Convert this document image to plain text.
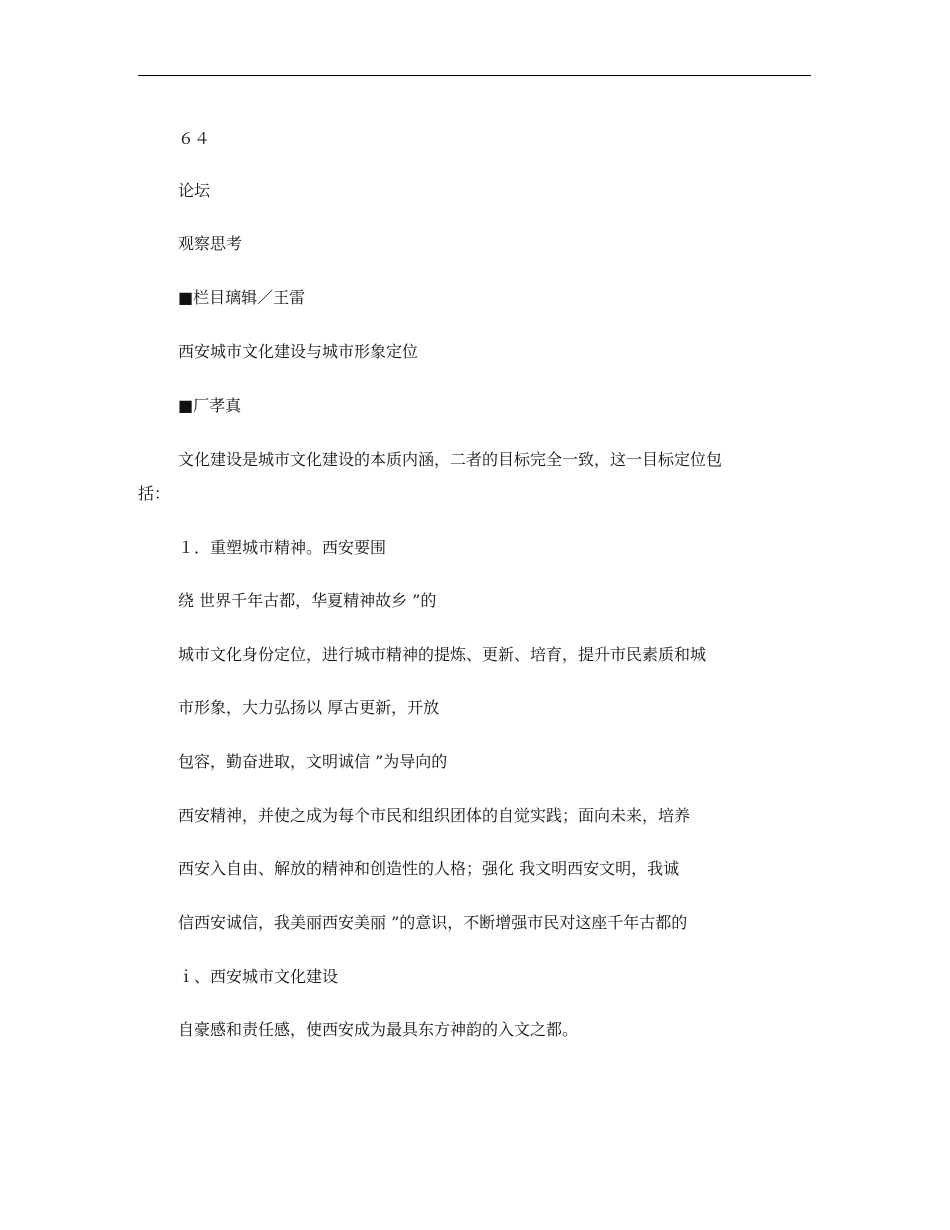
６４
论坛
观察思考
■栏目璃辑／王雷
西安城市文化建设与城市形象定位
■厂孝真
文化建设是城市文化建设的本质内涵，二者的目标完全一致，这一目标定位包
括：
１．重塑城市精神。西安要围
绕 世界千年古都，华夏精神故乡 ”的
城市文化身份定位，进行城市精神的提炼、更新、培育，提升市民素质和城
市形象，大力弘扬以 厚古更新，开放
包容，勤奋进取，文明诚信 ”为导向的
西安精神，并使之成为每个市民和组织团体的自觉实践；面向未来，培养
西安入自由、解放的精神和创造性的人格；强化 我文明西安文明，我诚
信西安诚信，我美丽西安美丽 ”的意识，不断增强市民对这座千年古都的
ｉ、西安城市文化建设
自豪感和责任感，使西安成为最具东方神韵的入文之都。
